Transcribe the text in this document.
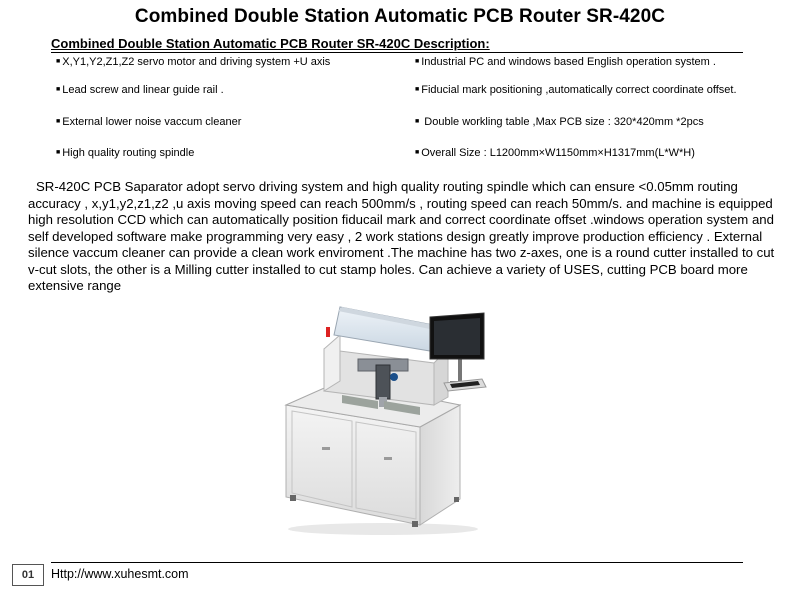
Combined Double Station Automatic PCB Router SR-420C
Combined Double Station Automatic PCB Router SR-420C Description:
■ X,Y1,Y2,Z1,Z2 servo motor and driving system +U axis
■ Lead screw and linear guide rail .
■ External lower noise vaccum cleaner
■ High quality routing spindle
■ Industrial PC and windows based English operation system .
■ Fiducial mark positioning ,automatically correct coordinate offset.
■ Double workling table ,Max PCB size : 320*420mm *2pcs
■ Overall Size : L1200mm×W1150mm×H1317mm(L*W*H)
SR-420C PCB Saparator adopt servo driving system and high quality routing spindle which can ensure <0.05mm routing accuracy , x,y1,y2,z1,z2 ,u axis moving speed can reach 500mm/s , routing speed can reach 50mm/s. and machine is equipped high resolution CCD which can automatically position fiducail mark and correct coordinate offset .windows operation system and self developed software make programming very easy , 2 work stations design greatly improve production efficiency . External silence vaccum cleaner can provide a clean work enviroment .The machine has two z-axes, one is a round cutter installed to cut v-cut slots, the other is a Milling cutter installed to cut stamp holes. Can achieve a variety of USES, cutting PCB board more extensive range
01	Http://www.xuhesmt.com
